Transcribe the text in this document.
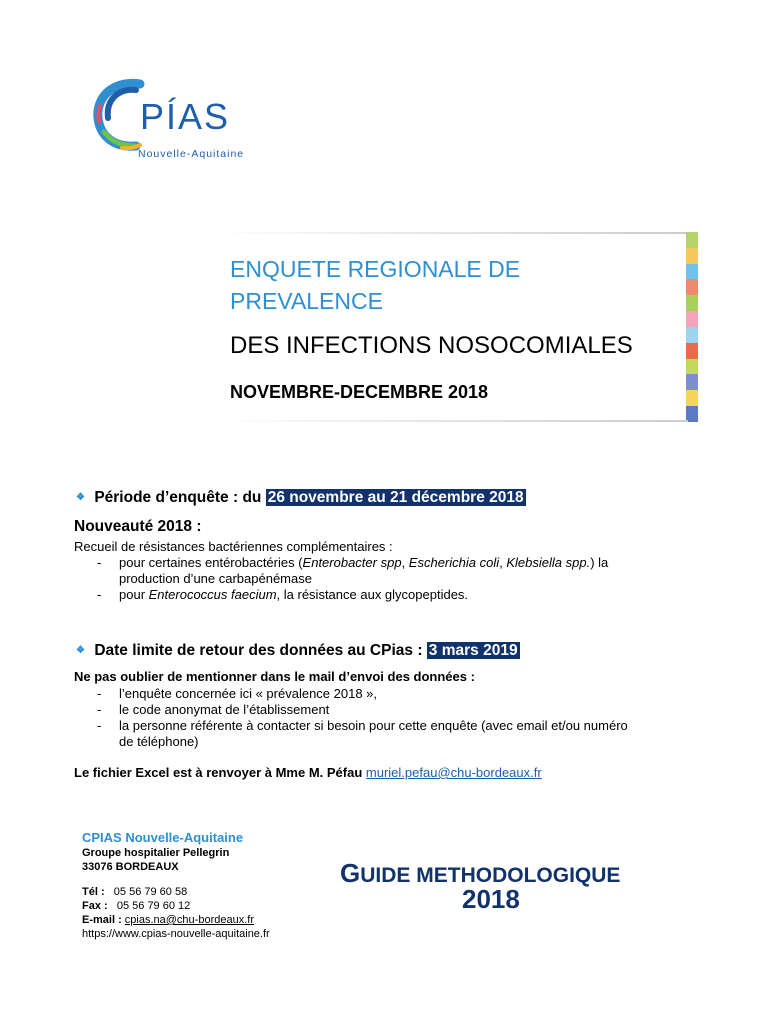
PÍAS
Nouvelle-Aquitaine
ENQUETE REGIONALE DE
PREVALENCE
DES INFECTIONS NOSOCOMIALES
NOVEMBRE-DECEMBRE 2018
❖ Période d’enquête : du 26 novembre au 21 décembre 2018
Nouveauté 2018 :
Recueil de résistances bactériennes complémentaires :
- pour certaines entérobactéries (Enterobacter spp, Escherichia coli, Klebsiella spp.) la
production d’une carbapénémase
- pour Enterococcus faecium, la résistance aux glycopeptides.
❖ Date limite de retour des données au CPias : 3 mars 2019
Ne pas oublier de mentionner dans le mail d’envoi des données :
- l’enquête concernée ici « prévalence 2018 »,
- le code anonymat de l’établissement
- la personne référente à contacter si besoin pour cette enquête (avec email et/ou numéro
de téléphone)
Le fichier Excel est à renvoyer à Mme M. Péfau muriel.pefau@chu-bordeaux.fr
CPIAS Nouvelle-Aquitaine
Groupe hospitalier Pellegrin
33076 BORDEAUX
Tél : 05 56 79 60 58
Fax : 05 56 79 60 12
E-mail : cpias.na@chu-bordeaux.fr
https://www.cpias-nouvelle-aquitaine.fr
GUIDE METHODOLOGIQUE
2018
